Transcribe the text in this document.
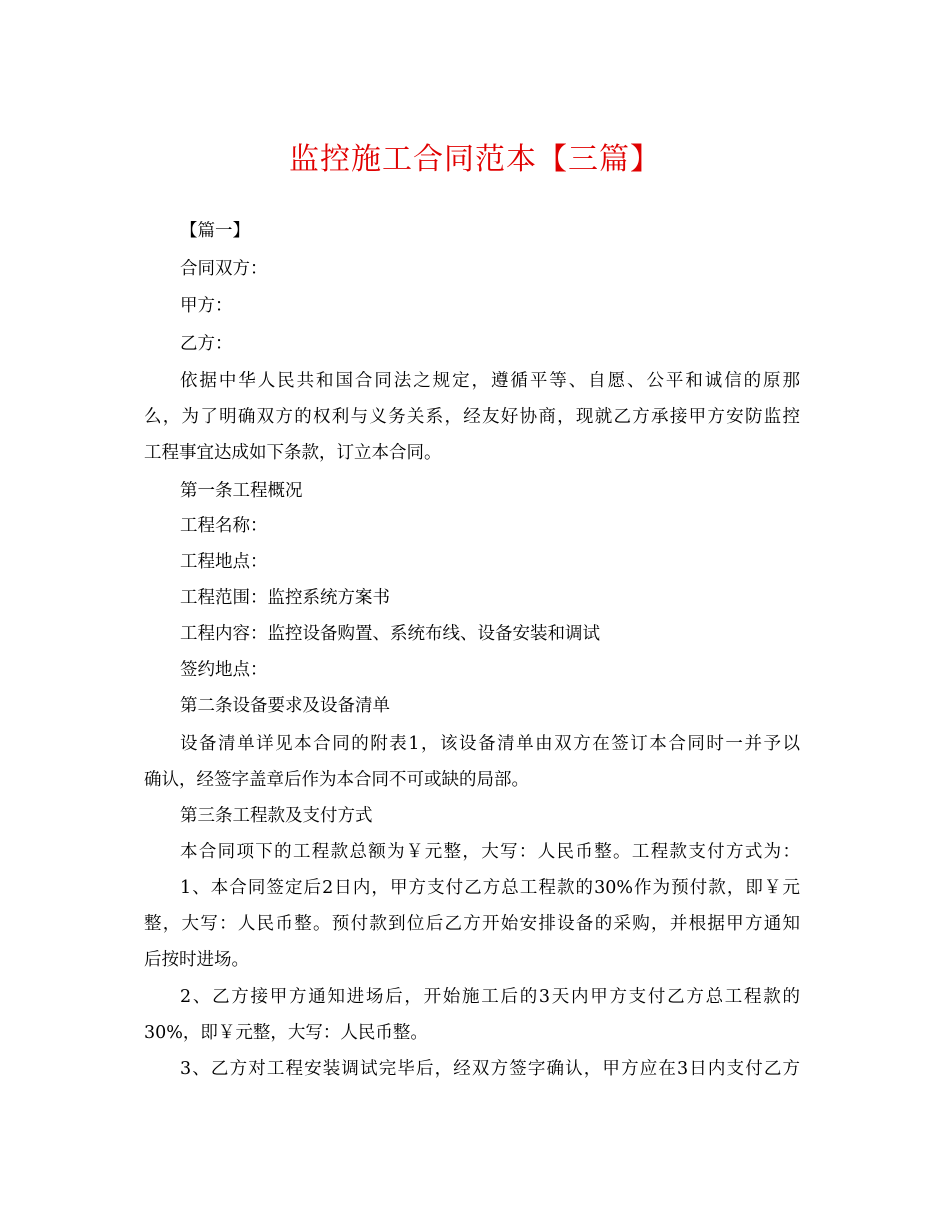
监控施工合同范本【三篇】
【篇一】
合同双方：
甲方：
乙方：
依据中华人民共和国合同法之规定，遵循平等、自愿、公平和诚信的原那
么，为了明确双方的权利与义务关系，经友好协商，现就乙方承接甲方安防监控
工程事宜达成如下条款，订立本合同。
第一条工程概况
工程名称：
工程地点：
工程范围：监控系统方案书
工程内容：监控设备购置、系统布线、设备安装和调试
签约地点：
第二条设备要求及设备清单
设备清单详见本合同的附表1，该设备清单由双方在签订本合同时一并予以
确认，经签字盖章后作为本合同不可或缺的局部。
第三条工程款及支付方式
本合同项下的工程款总额为￥元整，大写：人民币整。工程款支付方式为：
1、本合同签定后2日内，甲方支付乙方总工程款的30%作为预付款，即￥元
整，大写：人民币整。预付款到位后乙方开始安排设备的采购，并根据甲方通知
后按时进场。
2、乙方接甲方通知进场后，开始施工后的3天内甲方支付乙方总工程款的
30%，即￥元整，大写：人民币整。
3、乙方对工程安装调试完毕后，经双方签字确认，甲方应在3日内支付乙方
